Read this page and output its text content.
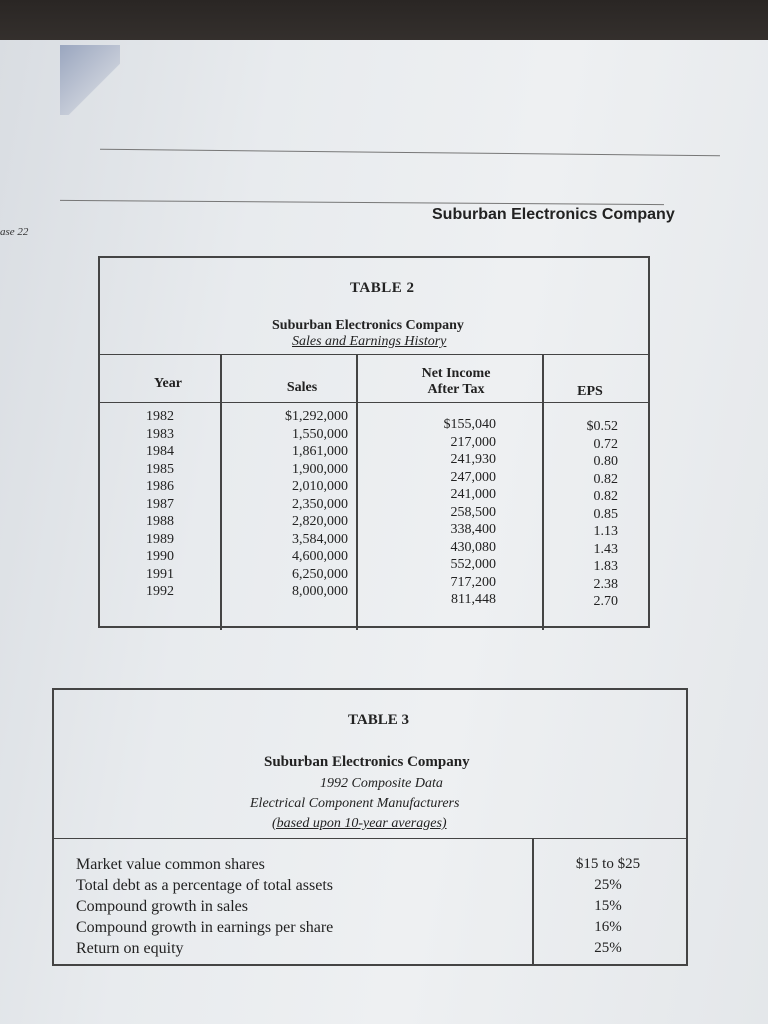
ase 22
Suburban Electronics Company
TABLE 2
Suburban Electronics Company
Sales and Earnings History
Year	Sales
Net Income
After Tax	EPS
1982
1983
1984
1985
1986
1987
1988
1989
1990
1991
1992
$1,292,000
1,550,000
1,861,000
1,900,000
2,010,000
2,350,000
2,820,000
3,584,000
4,600,000
6,250,000
8,000,000
$155,040
217,000
241,930
247,000
241,000
258,500
338,400
430,080
552,000
717,200
811,448
$0.52
0.72
0.80
0.82
0.82
0.85
1.13
1.43
1.83
2.38
2.70
TABLE 3
Suburban Electronics Company
1992 Composite Data
Electrical Component Manufacturers
(based upon 10-year averages)
Market value common shares
Total debt as a percentage of total assets
Compound growth in sales
Compound growth in earnings per share
Return on equity
$15 to $25
25%
15%
16%
25%
